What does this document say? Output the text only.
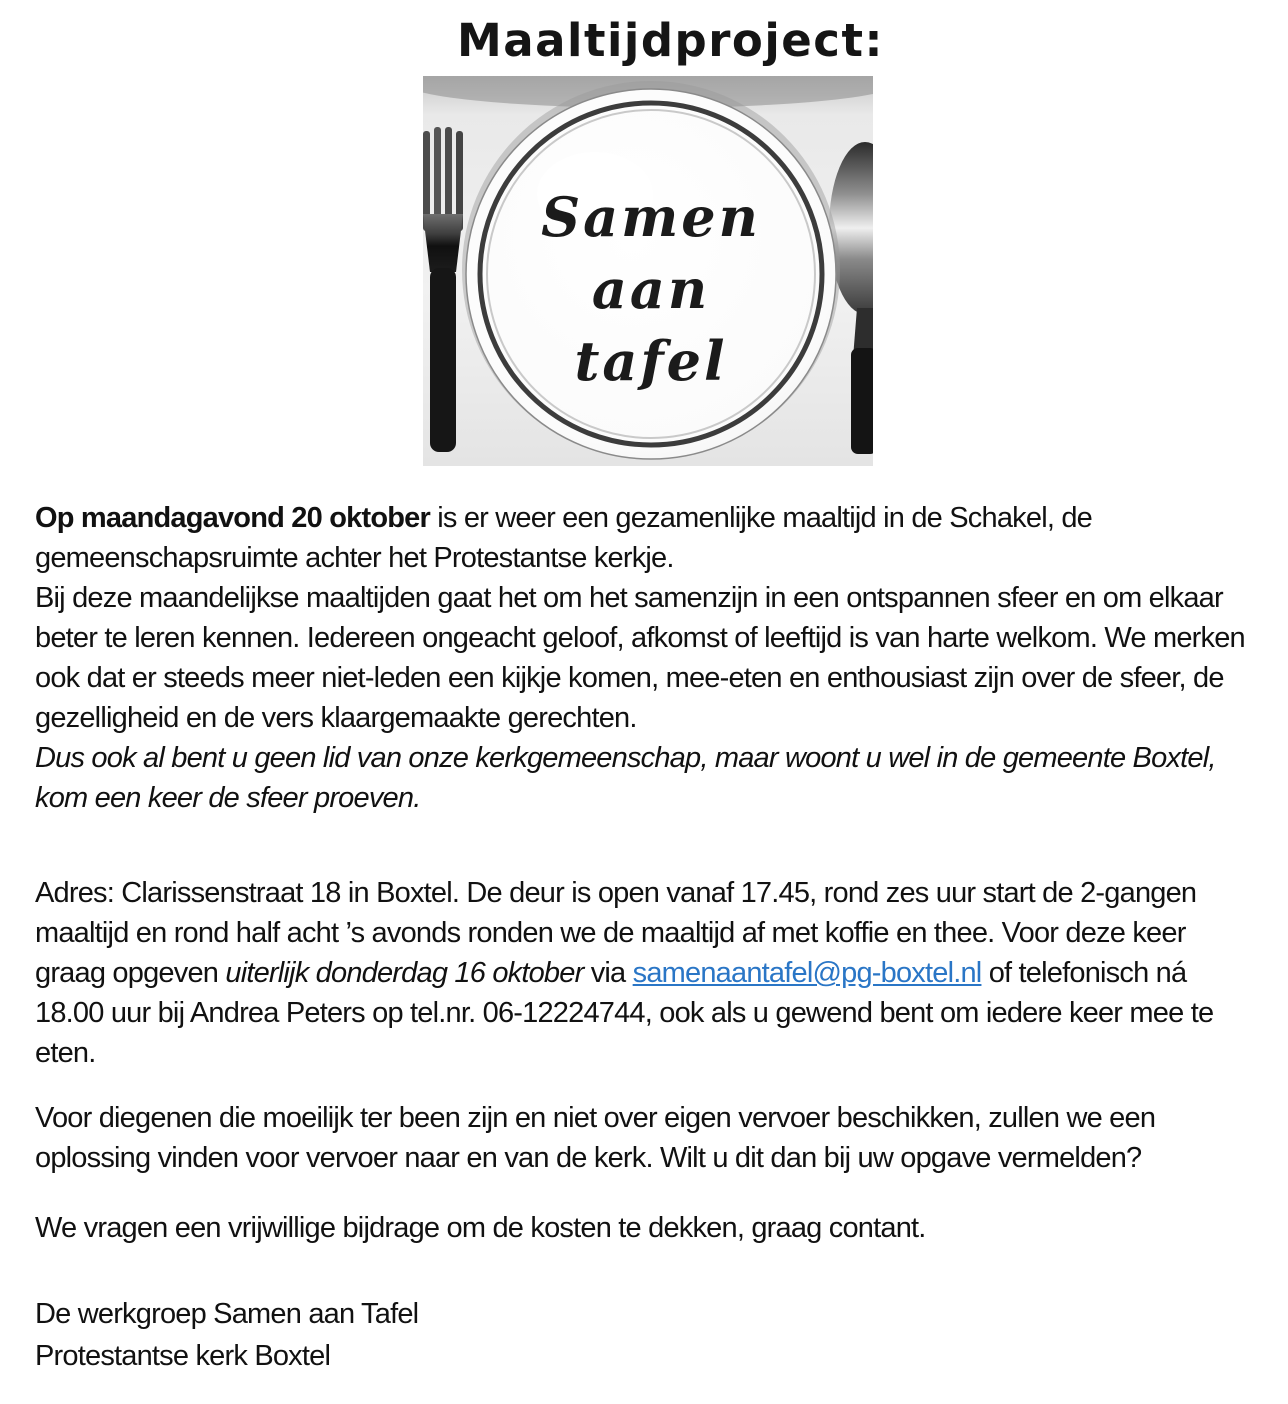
Maaltijdproject:
Samen
aan
tafel

Op maandagavond 20 oktober is er weer een gezamenlijke maaltijd in de Schakel, de gemeenschapsruimte achter het Protestantse kerkje.
Bij deze maandelijkse maaltijden gaat het om het samenzijn in een ontspannen sfeer en om elkaar beter te leren kennen. Iedereen ongeacht geloof, afkomst of leeftijd is van harte welkom. We merken ook dat er steeds meer niet-leden een kijkje komen, mee-eten en enthousiast zijn over de sfeer, de gezelligheid en de vers klaargemaakte gerechten.
Dus ook al bent u geen lid van onze kerkgemeenschap, maar woont u wel in de gemeente Boxtel, kom een keer de sfeer proeven.

Adres: Clarissenstraat 18 in Boxtel. De deur is open vanaf 17.45, rond zes uur start de 2-gangen maaltijd en rond half acht ’s avonds ronden we de maaltijd af met koffie en thee. Voor deze keer graag opgeven uiterlijk donderdag 16 oktober via samenaantafel@pg-boxtel.nl of telefonisch ná 18.00 uur bij Andrea Peters op tel.nr. 06-12224744, ook als u gewend bent om iedere keer mee te eten.

Voor diegenen die moeilijk ter been zijn en niet over eigen vervoer beschikken, zullen we een oplossing vinden voor vervoer naar en van de kerk. Wilt u dit dan bij uw opgave vermelden?

We vragen een vrijwillige bijdrage om de kosten te dekken, graag contant.

De werkgroep Samen aan Tafel
Protestantse kerk Boxtel
